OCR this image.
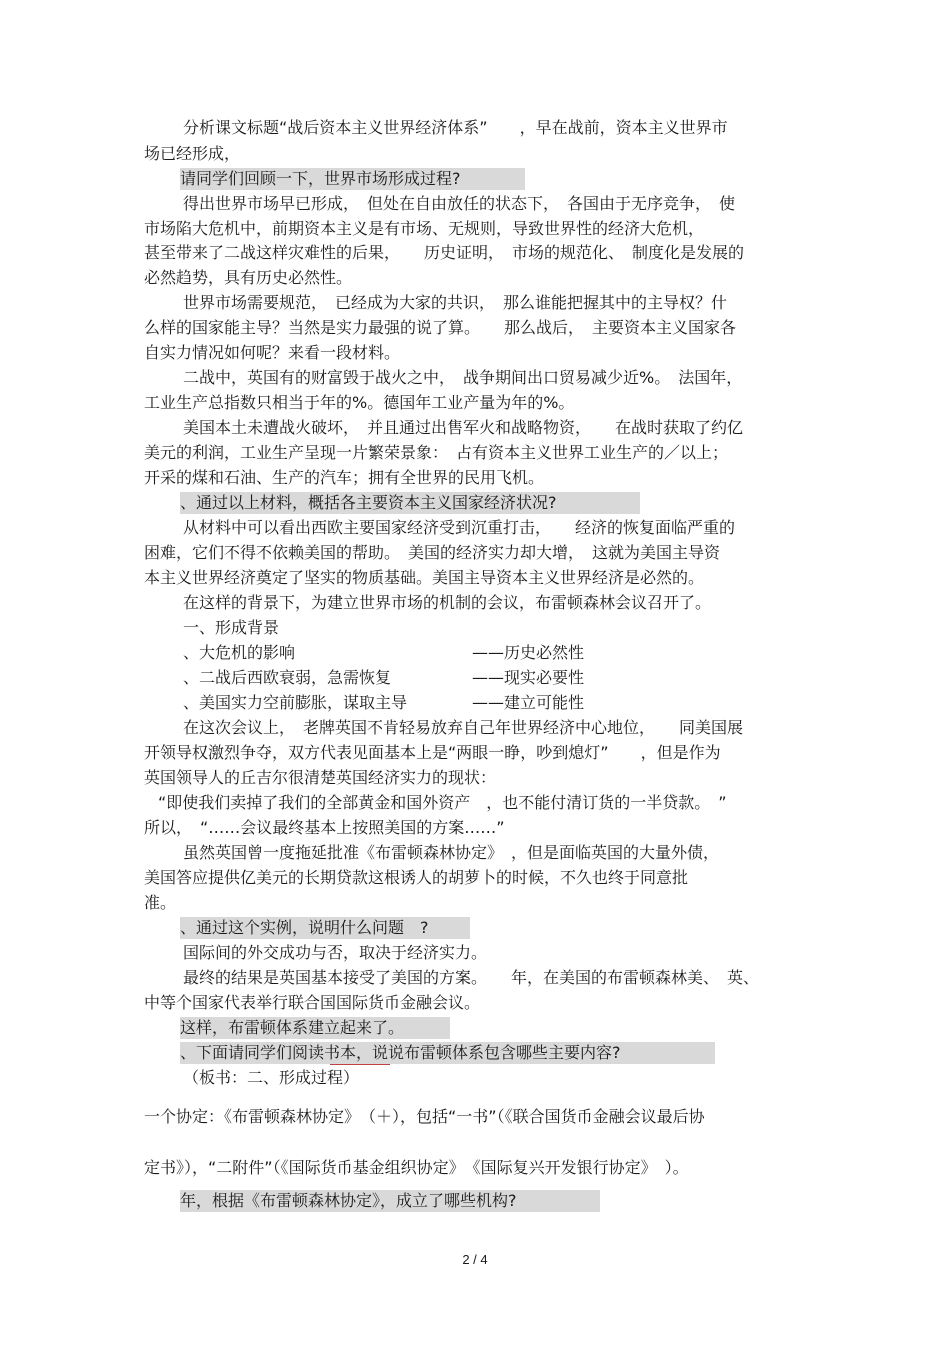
分析课文标题“战后资本主义世界经济体系”　　，早在战前，资本主义世界市
场已经形成，
请同学们回顾一下，世界市场形成过程?
得出世界市场早已形成，　但处在自由放任的状态下，　各国由于无序竞争，　使
市场陷大危机中，前期资本主义是有市场、无规则，导致世界性的经济大危机，
甚至带来了二战这样灾难性的后果，　　历史证明，　市场的规范化、　制度化是发展的
必然趋势，具有历史必然性。
世界市场需要规范，　已经成为大家的共识，　那么谁能把握其中的主导权？什
么样的国家能主导？当然是实力最强的说了算。　　那么战后，　主要资本主义国家各
自实力情况如何呢？来看一段材料。
二战中，英国有的财富毁于战火之中，　战争期间出口贸易减少近%。　法国年，
工业生产总指数只相当于年的%。德国年工业产量为年的%。
美国本土未遭战火破坏，　并且通过出售军火和战略物资，　　在战时获取了约亿
美元的利润，工业生产呈现一片繁荣景象：　占有资本主义世界工业生产的／以上；
开采的煤和石油、生产的汽车；拥有全世界的民用飞机。
、通过以上材料，概括各主要资本主义国家经济状况?
从材料中可以看出西欧主要国家经济受到沉重打击，　　经济的恢复面临严重的
困难，它们不得不依赖美国的帮助。　美国的经济实力却大增，　这就为美国主导资
本主义世界经济奠定了坚实的物质基础。美国主导资本主义世界经济是必然的。
在这样的背景下，为建立世界市场的机制的会议，布雷顿森林会议召开了。
一、形成背景
、大危机的影响	——历史必然性
、二战后西欧衰弱，急需恢复	——现实必要性
、美国实力空前膨胀，谋取主导	——建立可能性
在这次会议上，　老牌英国不肯轻易放弃自己年世界经济中心地位，　　同美国展
开领导权激烈争夺，双方代表见面基本上是“两眼一睁，吵到熄灯”　　，但是作为
英国领导人的丘吉尔很清楚英国经济实力的现状：
“即使我们卖掉了我们的全部黄金和国外资产　，也不能付清订货的一半贷款。　”
所以，　“……会议最终基本上按照美国的方案……”
虽然英国曾一度拖延批准《布雷顿森林协定》　，但是面临英国的大量外债，
美国答应提供亿美元的长期贷款这根诱人的胡萝卜的时候，不久也终于同意批
准。
、通过这个实例，说明什么问题　?
国际间的外交成功与否，取决于经济实力。
最终的结果是英国基本接受了美国的方案。　　年，在美国的布雷顿森林美、　英、
中等个国家代表举行联合国国际货币金融会议。
这样，布雷顿体系建立起来了。
、下面请同学们阅读书本，说说布雷顿体系包含哪些主要内容?
（板书：二、形成过程）
一个协定：《布雷顿森林协定》　（＋），包括“一书”（《联合国货币金融会议最后协
定书》），“二附件”（《国际货币基金组织协定》　《国际复兴开发银行协定》　）。
年，根据《布雷顿森林协定》，成立了哪些机构?
2 / 4
